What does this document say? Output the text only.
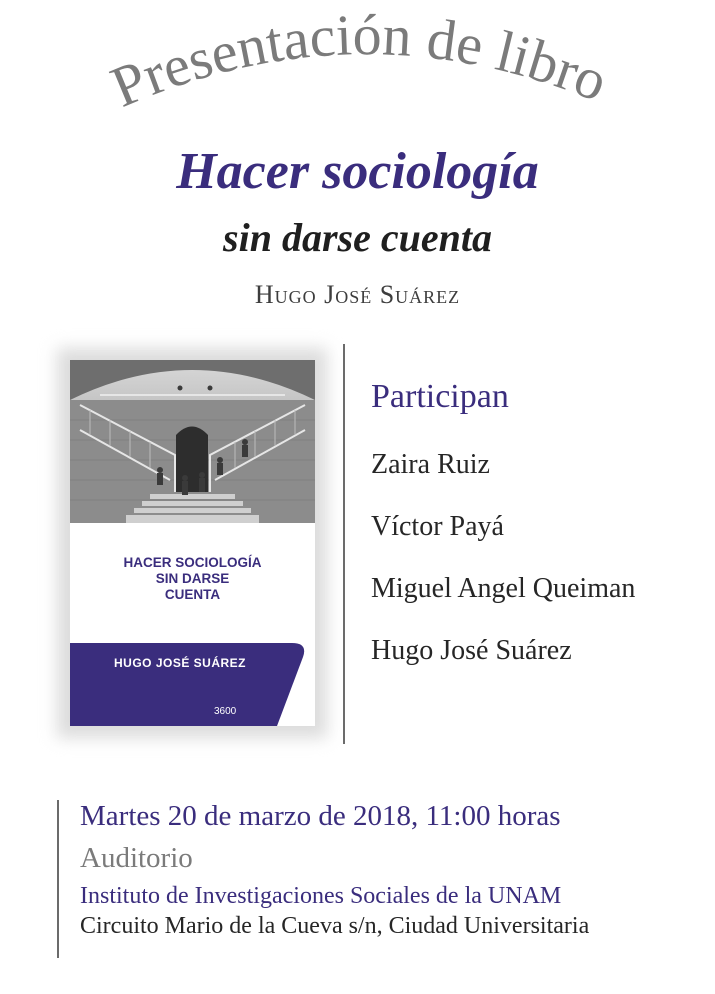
Presentación de libro
Hacer sociología
sin darse cuenta
Hugo José Suárez
HACER SOCIOLOGÍA
SIN DARSE
CUENTA
HUGO JOSÉ SUÁREZ
3600
Participan
Zaira Ruiz
Víctor Payá
Miguel Angel Queiman
Hugo José Suárez
Martes 20 de marzo de 2018, 11:00 horas
Auditorio
Instituto de Investigaciones Sociales de la UNAM
Circuito Mario de la Cueva s/n, Ciudad Universitaria
